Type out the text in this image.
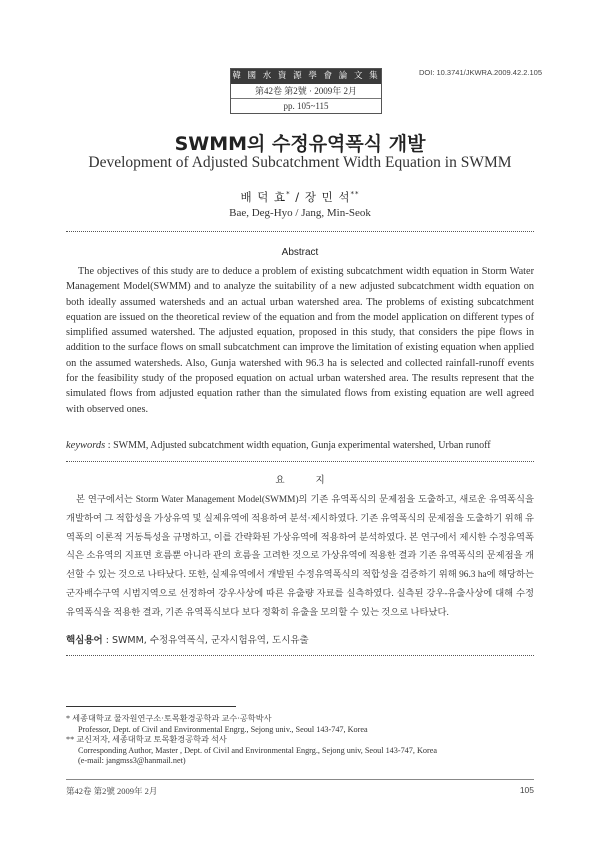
韓 國 水 資 源 學 會 論 文 集
第42卷 第2號 · 2009年 2月
pp. 105~115
DOI: 10.3741/JKWRA.2009.42.2.105
SWMM의 수정유역폭식 개발
Development of Adjusted Subcatchment Width Equation in SWMM
배 덕 효* / 장 민 석**
Bae, Deg-Hyo / Jang, Min-Seok
Abstract
The objectives of this study are to deduce a problem of existing subcatchment width equation in Storm Water Management Model(SWMM) and to analyze the suitability of a new adjusted subcatchment width equation on both ideally assumed watersheds and an actual urban watershed area. The problems of existing subcatchment equation are issued on the theoretical review of the equation and from the model application on different types of simplified assumed watershed. The adjusted equation, proposed in this study, that considers the pipe flows in addition to the surface flows on small subcatchment can improve the limitation of existing equation when applied on the assumed watersheds. Also, Gunja watershed with 96.3 ha is selected and collected rainfall-runoff events for the feasibility study of the proposed equation on actual urban watershed area. The results represent that the simulated flows from adjusted equation rather than the simulated flows from existing equation are well agreed with observed ones.
keywords : SWMM, Adjusted subcatchment width equation, Gunja experimental watershed, Urban runoff
요 지
본 연구에서는 Storm Water Management Model(SWMM)의 기존 유역폭식의 문제점을 도출하고, 새로운 유역폭식을 개발하여 그 적합성을 가상유역 및 실제유역에 적용하여 분석·제시하였다. 기존 유역폭식의 문제점을 도출하기 위해 유역폭의 이론적 거동특성을 규명하고, 이를 간략화된 가상유역에 적용하여 분석하였다. 본 연구에서 제시한 수정유역폭식은 소유역의 지표면 흐름뿐 아니라 관의 흐름을 고려한 것으로 가상유역에 적용한 결과 기존 유역폭식의 문제점을 개선할 수 있는 것으로 나타났다. 또한, 실제유역에서 개발된 수정유역폭식의 적합성을 검증하기 위해 96.3 ha에 해당하는 군자배수구역 시범지역으로 선정하여 강우사상에 따른 유출량 자료를 실측하였다. 실측된 강우-유출사상에 대해 수정유역폭식을 적용한 결과, 기존 유역폭식보다 보다 정확히 유출을 모의할 수 있는 것으로 나타났다.
핵심용어 : SWMM, 수정유역폭식, 군자시험유역, 도시유출
* 세종대학교 물자원연구소·토목환경공학과 교수·공학박사
Professor, Dept. of Civil and Environmental Engrg., Sejong univ., Seoul 143-747, Korea
** 교신저자, 세종대학교 토목환경공학과 석사
Corresponding Author, Master , Dept. of Civil and Environmental Engrg., Sejong univ, Seoul 143-747, Korea
(e-mail: jangmss3@hanmail.net)
第42卷 第2號 2009年 2月	105
